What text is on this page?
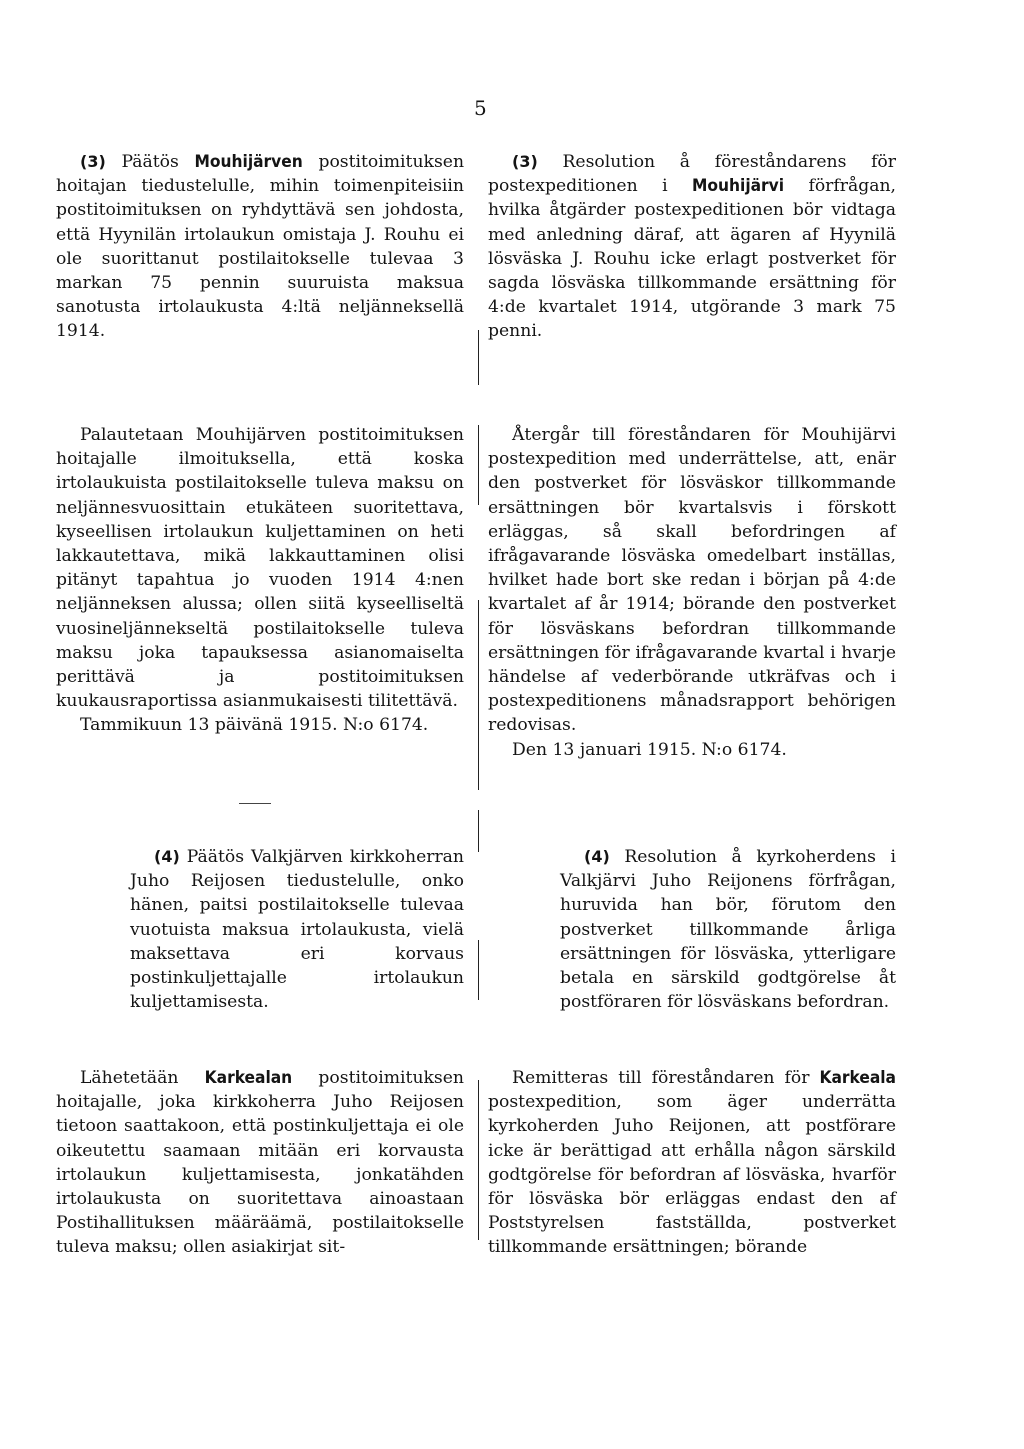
5

(3) Päätös Mouhijärven postitoimituksen hoitajan tiedustelulle, mihin toimenpiteisiin postitoimituksen on ryhdyttävä sen johdosta, että Hyynilän irtolaukun omistaja J. Rouhu ei ole suorittanut postilaitokselle tulevaa 3 markan 75 pennin suuruista maksua sanotusta irtolaukusta 4:ltä neljänneksellä 1914.

Palautetaan Mouhijärven postitoimituksen hoitajalle ilmoituksella, että koska irtolaukuista postilaitokselle tuleva maksu on neljännesvuosittain etukäteen suoritettava, kyseellisen irtolaukun kuljettaminen on heti lakkautettava, mikä lakkauttaminen olisi pitänyt tapahtua jo vuoden 1914 4:nen neljänneksen alussa; ollen siitä kyseelliseltä vuosineljännekseltä postilaitokselle tuleva maksu joka tapauksessa asianomaiselta perittävä ja postitoimituksen kuukausraportissa asianmukaisesti tilitettävä.

Tammikuun 13 päivänä 1915. N:o 6174.

(3) Resolution å föreståndarens för postexpeditionen i Mouhijärvi förfrågan, hvilka åtgärder postexpeditionen bör vidtaga med anledning däraf, att ägaren af Hyynilä lösväska J. Rouhu icke erlagt postverket för sagda lösväska tillkommande ersättning för 4:de kvartalet 1914, utgörande 3 mark 75 penni.

Återgår till föreståndaren för Mouhijärvi postexpedition med underrättelse, att, enär den postverket för lösväskor tillkommande ersättningen bör kvartalsvis i förskott erläggas, så skall befordringen af ifrågavarande lösväska omedelbart inställas, hvilket hade bort ske redan i början på 4:de kvartalet af år 1914; börande den postverket för lösväskans befordran tillkommande ersättningen för ifrågavarande kvartal i hvarje händelse af vederbörande utkräfvas och i postexpeditionens månadsrapport behörigen redovisas.

Den 13 januari 1915. N:o 6174.

(4) Päätös Valkjärven kirkkoherran Juho Reijosen tiedustelulle, onko hänen, paitsi postilaitokselle tulevaa vuotuista maksua irtolaukusta, vielä maksettava eri korvaus postinkuljettajalle irtolaukun kuljettamisesta.

Lähetetään Karkealan postitoimituksen hoitajalle, joka kirkkoherra Juho Reijosen tietoon saattakoon, että postinkuljettaja ei ole oikeutettu saamaan mitään eri korvausta irtolaukun kuljettamisesta, jonkatähden irtolaukusta on suoritettava ainoastaan Postihallituksen määräämä, postilaitokselle tuleva maksu; ollen asiakirjat sit-

(4) Resolution å kyrkoherdens i Valkjärvi Juho Reijonens förfrågan, huruvida han bör, förutom den postverket tillkommande årliga ersättningen för lösväska, ytterligare betala en särskild godtgörelse åt postföraren för lösväskans befordran.

Remitteras till föreståndaren för Karkeala postexpedition, som äger underrätta kyrkoherden Juho Reijonen, att postförare icke är berättigad att erhålla någon särskild godtgörelse för befordran af lösväska, hvarför för lösväska bör erläggas endast den af Poststyrelsen fastställda, postverket tillkommande ersättningen; börande
